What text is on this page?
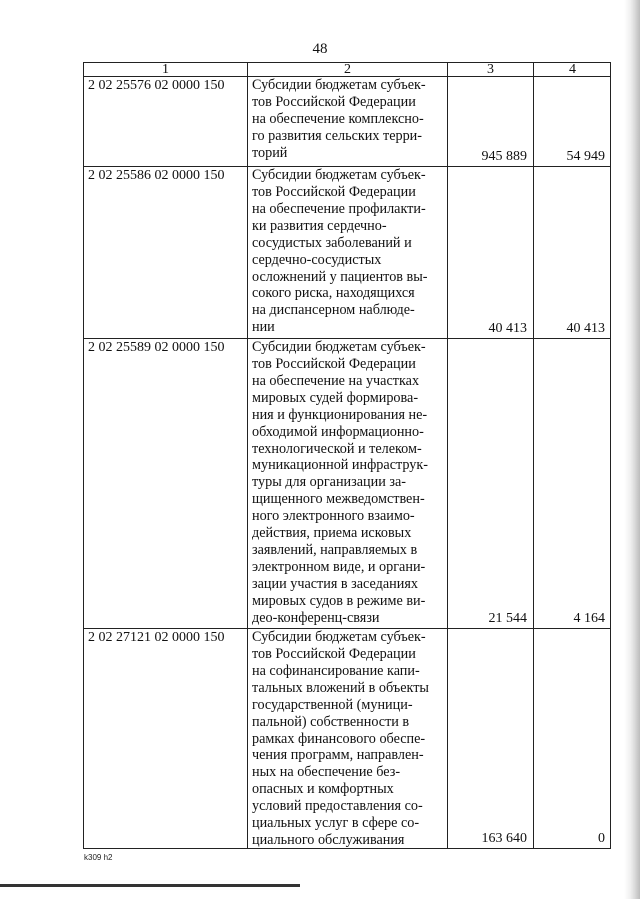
48
1	2	3	4
2 02 25576 02 0000 150	Субсидии бюджетам субъек-
тов Российской Федерации
на обеспечение комплексно-
го развития сельских терри-
торий	945 889	54 949
2 02 25586 02 0000 150	Субсидии бюджетам субъек-
тов Российской Федерации
на обеспечение профилакти-
ки развития сердечно-
сосудистых заболеваний и
сердечно-сосудистых
осложнений у пациентов вы-
сокого риска, находящихся
на диспансерном наблюде-
нии	40 413	40 413
2 02 25589 02 0000 150	Субсидии бюджетам субъек-
тов Российской Федерации
на обеспечение на участках
мировых судей формирова-
ния и функционирования не-
обходимой информационно-
технологической и телеком-
муникационной инфраструк-
туры для организации за-
щищенного межведомствен-
ного электронного взаимо-
действия, приема исковых
заявлений, направляемых в
электронном виде, и органи-
зации участия в заседаниях
мировых судов в режиме ви-
део-конференц-связи	21 544	4 164
2 02 27121 02 0000 150	Субсидии бюджетам субъек-
тов Российской Федерации
на софинансирование капи-
тальных вложений в объекты
государственной (муници-
пальной) собственности в
рамках финансового обеспе-
чения программ, направлен-
ных на обеспечение без-
опасных и комфортных
условий предоставления со-
циальных услуг в сфере со-
циального обслуживания	163 640	0
k309 h2
